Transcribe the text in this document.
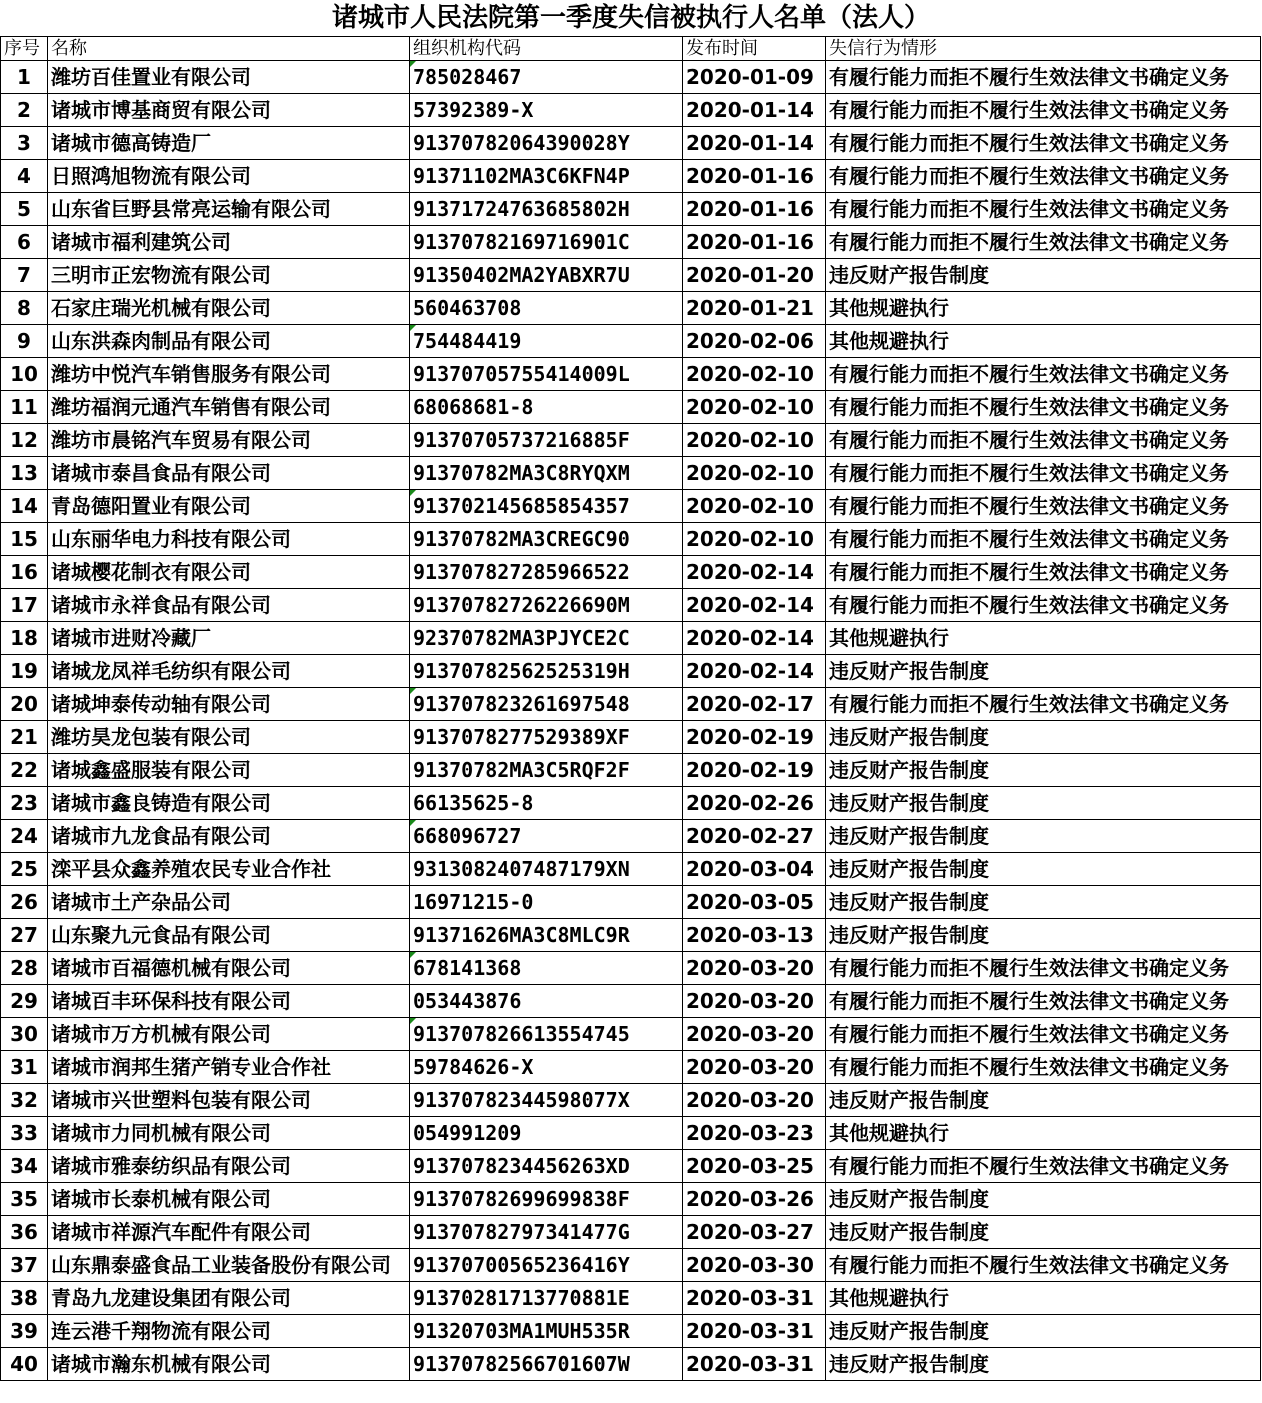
诸城市人民法院第一季度失信被执行人名单（法人）
序号	名称	组织机构代码	发布时间	失信行为情形
1	潍坊百佳置业有限公司	785028467	2020-01-09	有履行能力而拒不履行生效法律文书确定义务
2	诸城市博基商贸有限公司	57392389-X	2020-01-14	有履行能力而拒不履行生效法律文书确定义务
3	诸城市德高铸造厂	91370782064390028Y	2020-01-14	有履行能力而拒不履行生效法律文书确定义务
4	日照鸿旭物流有限公司	91371102MA3C6KFN4P	2020-01-16	有履行能力而拒不履行生效法律文书确定义务
5	山东省巨野县常亮运输有限公司	91371724763685802H	2020-01-16	有履行能力而拒不履行生效法律文书确定义务
6	诸城市福利建筑公司	91370782169716901C	2020-01-16	有履行能力而拒不履行生效法律文书确定义务
7	三明市正宏物流有限公司	91350402MA2YABXR7U	2020-01-20	违反财产报告制度
8	石家庄瑞光机械有限公司	560463708	2020-01-21	其他规避执行
9	山东洪森肉制品有限公司	754484419	2020-02-06	其他规避执行
10	潍坊中悦汽车销售服务有限公司	91370705755414009L	2020-02-10	有履行能力而拒不履行生效法律文书确定义务
11	潍坊福润元通汽车销售有限公司	68068681-8	2020-02-10	有履行能力而拒不履行生效法律文书确定义务
12	潍坊市晨铭汽车贸易有限公司	91370705737216885F	2020-02-10	有履行能力而拒不履行生效法律文书确定义务
13	诸城市泰昌食品有限公司	91370782MA3C8RYQXM	2020-02-10	有履行能力而拒不履行生效法律文书确定义务
14	青岛德阳置业有限公司	913702145685854357	2020-02-10	有履行能力而拒不履行生效法律文书确定义务
15	山东丽华电力科技有限公司	91370782MA3CREGC90	2020-02-10	有履行能力而拒不履行生效法律文书确定义务
16	诸城樱花制衣有限公司	913707827285966522	2020-02-14	有履行能力而拒不履行生效法律文书确定义务
17	诸城市永祥食品有限公司	91370782726226690M	2020-02-14	有履行能力而拒不履行生效法律文书确定义务
18	诸城市进财冷藏厂	92370782MA3PJYCE2C	2020-02-14	其他规避执行
19	诸城龙凤祥毛纺织有限公司	91370782562525319H	2020-02-14	违反财产报告制度
20	诸城坤泰传动轴有限公司	913707823261697548	2020-02-17	有履行能力而拒不履行生效法律文书确定义务
21	潍坊昊龙包装有限公司	9137078277529389XF	2020-02-19	违反财产报告制度
22	诸城鑫盛服装有限公司	91370782MA3C5RQF2F	2020-02-19	违反财产报告制度
23	诸城市鑫良铸造有限公司	66135625-8	2020-02-26	违反财产报告制度
24	诸城市九龙食品有限公司	668096727	2020-02-27	违反财产报告制度
25	滦平县众鑫养殖农民专业合作社	9313082407487179XN	2020-03-04	违反财产报告制度
26	诸城市土产杂品公司	16971215-0	2020-03-05	违反财产报告制度
27	山东聚九元食品有限公司	91371626MA3C8MLC9R	2020-03-13	违反财产报告制度
28	诸城市百福德机械有限公司	678141368	2020-03-20	有履行能力而拒不履行生效法律文书确定义务
29	诸城百丰环保科技有限公司	053443876	2020-03-20	有履行能力而拒不履行生效法律文书确定义务
30	诸城市万方机械有限公司	913707826613554745	2020-03-20	有履行能力而拒不履行生效法律文书确定义务
31	诸城市润邦生猪产销专业合作社	59784626-X	2020-03-20	有履行能力而拒不履行生效法律文书确定义务
32	诸城市兴世塑料包装有限公司	91370782344598077X	2020-03-20	违反财产报告制度
33	诸城市力同机械有限公司	054991209	2020-03-23	其他规避执行
34	诸城市雅泰纺织品有限公司	9137078234456263XD	2020-03-25	有履行能力而拒不履行生效法律文书确定义务
35	诸城市长泰机械有限公司	91370782699699838F	2020-03-26	违反财产报告制度
36	诸城市祥源汽车配件有限公司	91370782797341477G	2020-03-27	违反财产报告制度
37	山东鼎泰盛食品工业装备股份有限公司	91370700565236416Y	2020-03-30	有履行能力而拒不履行生效法律文书确定义务
38	青岛九龙建设集团有限公司	91370281713770881E	2020-03-31	其他规避执行
39	连云港千翔物流有限公司	91320703MA1MUH535R	2020-03-31	违反财产报告制度
40	诸城市瀚东机械有限公司	91370782566701607W	2020-03-31	违反财产报告制度
